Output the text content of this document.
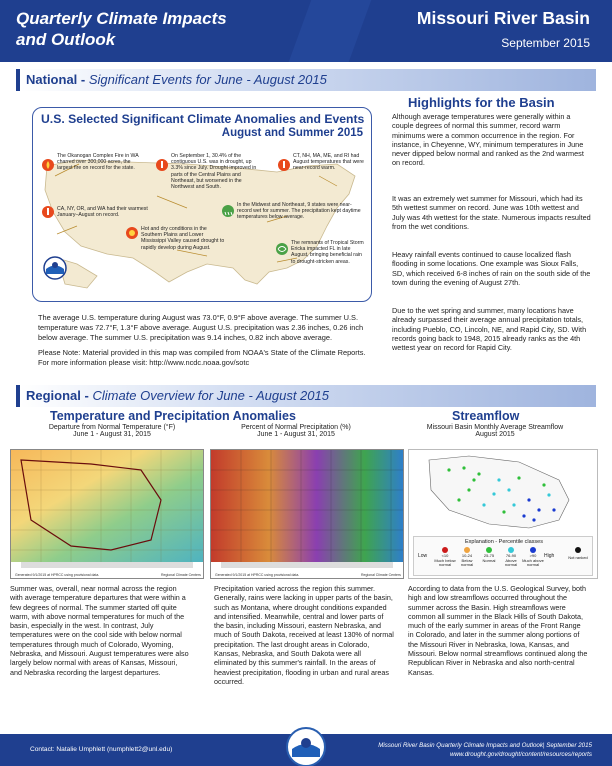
Quarterly Climate Impacts
and Outlook
Missouri River Basin
September 2015
National - Significant Events for June - August 2015
U.S. Selected Significant Climate Anomalies and Events
August and Summer 2015
The Okanogan Complex Fire in WA charred over 300,000 acres, the largest fire on record for the state.
On September 1, 30.4% of the contiguous U.S. was in drought, up 3.3% since July. Drought improved in parts of the Central Plains and Northeast, but worsened in the Northwest and South.
CT, NH, MA, ME, and RI had August temperatures that were near-record warm.
CA, NY, OR, and WA had their warmest January–August on record.
In the Midwest and Northeast, 9 states were near-record wet for summer. The precipitation kept daytime temperatures below average.
Hot and dry conditions in the Southern Plains and Lower Mississippi Valley caused drought to rapidly develop during August.
The remnants of Tropical Storm Ericka impacted FL in late August, bringing beneficial rain to drought-stricken areas.
The average U.S. temperature during August was 73.0°F, 0.9°F above average. The summer U.S. temperature was 72.7°F, 1.3°F above average. August U.S. precipitation was 2.36 inches, 0.26 inch below average. The summer U.S. precipitation was 9.14 inches, 0.82 inch above average.
Please Note: Material provided in this map was compiled from NOAA's State of the Climate Reports. For more information please visit: http://www.ncdc.noaa.gov/sotc
Highlights for the Basin
Although average temperatures were generally within a couple degrees of normal this summer, record warm minimums were a common occurrence in the region. For instance, in Cheyenne, WY, minimum temperatures in June never dipped below normal and ranked as the 2nd warmest on record.
It was an extremely wet summer for Missouri, which had its 5th wettest summer on record. June was 10th wettest and July was 4th wettest for the state. Numerous impacts resulted from the wet conditions.
Heavy rainfall events continued to cause localized flash flooding in some locations. One example was Sioux Falls, SD, which received 6-8 inches of rain on the south side of the town during the evening of August 27th.
Due to the wet spring and summer, many locations have already surpassed their average annual precipitation totals, including Pueblo, CO, Lincoln, NE, and Rapid City, SD. With records going back to 1948, 2015 already ranks as the 4th wettest year on record for Rapid City.
Regional - Climate Overview for June - August 2015
Temperature and Precipitation Anomalies
Departure from Normal Temperature (°F)
June 1 - August 31, 2015
Percent of Normal Precipitation (%)
June 1 - August 31, 2015
Generated 9/1/2015 at HPRCC using provisional data.	Regional Climate Centers	Generated 9/1/2015 at HPRCC using provisional data.	Regional Climate Centers
Streamflow
Missouri Basin Monthly Average Streamflow
August 2015
Explanation - Percentile classes
Low	High
<10
Much below normal
10-24
Below normal
25-75
Normal
76-90
Above normal
>90
Much above normal
Not ranked
Summer was, overall, near normal across the region with average temperature departures that were within a few degrees of normal. The summer started off quite warm, with above normal temperatures for much of the basin, especially in the west. In contrast, July temperatures were on the cool side with below normal temperatures through much of Colorado, Wyoming, Nebraska, and Missouri. August temperatures were also largely below normal with areas of Kansas, Missouri, and Nebraska recording the largest departures.
Precipitation varied across the region this summer. Generally, rains were lacking in upper parts of the basin, such as Montana, where drought conditions expanded and intensified. Meanwhile, central and lower parts of the basin, including Missouri, eastern Nebraska, and much of South Dakota, received at least 130% of normal precipitation. The last drought areas in Colorado, Kansas, Nebraska, and South Dakota were all eliminated by this summer's rainfall. In the areas of heaviest precipitation, flooding in urban and rural areas occurred.
According to data from the U.S. Geological Survey, both high and low streamflows occurred throughout the summer across the Basin. High streamflows were common all summer in the Black Hills of South Dakota, much of the early summer in areas of the Front Range in Colorado, and later in the summer along portions of the Missouri River in Nebraska, Iowa, Kansas, and Missouri. Below normal streamflows continued along the Republican River in Nebraska and also north-central Kansas.
Contact: Natalie Umphlett (numphlett2@unl.edu)
Missouri River Basin Quarterly Climate Impacts and Outlook| September 2015
www.drought.gov/drought/content/resources/reports
